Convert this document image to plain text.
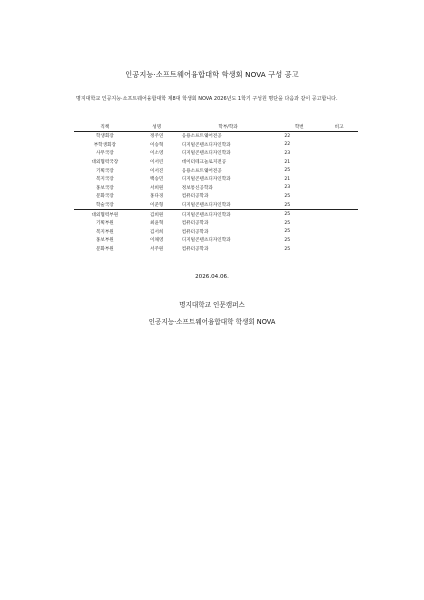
인공지능·소프트웨어융합대학 학생회 NOVA 구성 공고
명지대학교 인공지능·소프트웨어융합대학 제8대 학생회 NOVA 2026년도 1학기 구성원 명단을 다음과 같이 공고합니다.
직책	성명	학부/학과	학번	비고
학생회장	정주연	응용소프트웨어전공	22	
부학생회장	이승혁	디지털콘텐츠디자인학과	22	
사무국장	이소영	디지털콘텐츠디자인학과	23	
대외협력국장	이서린	데이터테크놀로지전공	21	
기획국장	이서진	응용소프트웨어전공	25	
복지국장	백승민	디지털콘텐츠디자인학과	21	
홍보국장	서희원	정보통신공학과	23	
문화국장	홍다경	컴퓨터공학과	25	
학술국장	이준형	디지털콘텐츠디자인학과	25	
대외협력부원	김희원	디지털콘텐츠디자인학과	25	
기획부원	최윤혁	컴퓨터공학과	25	
복지부원	김서희	컴퓨터공학과	25	
홍보부원	이채영	디지털콘텐츠디자인학과	25	
문화부원	서주원	컴퓨터공학과	25	
2026.04.06.
명지대학교 인문캠퍼스
인공지능·소프트웨어융합대학 학생회 NOVA
